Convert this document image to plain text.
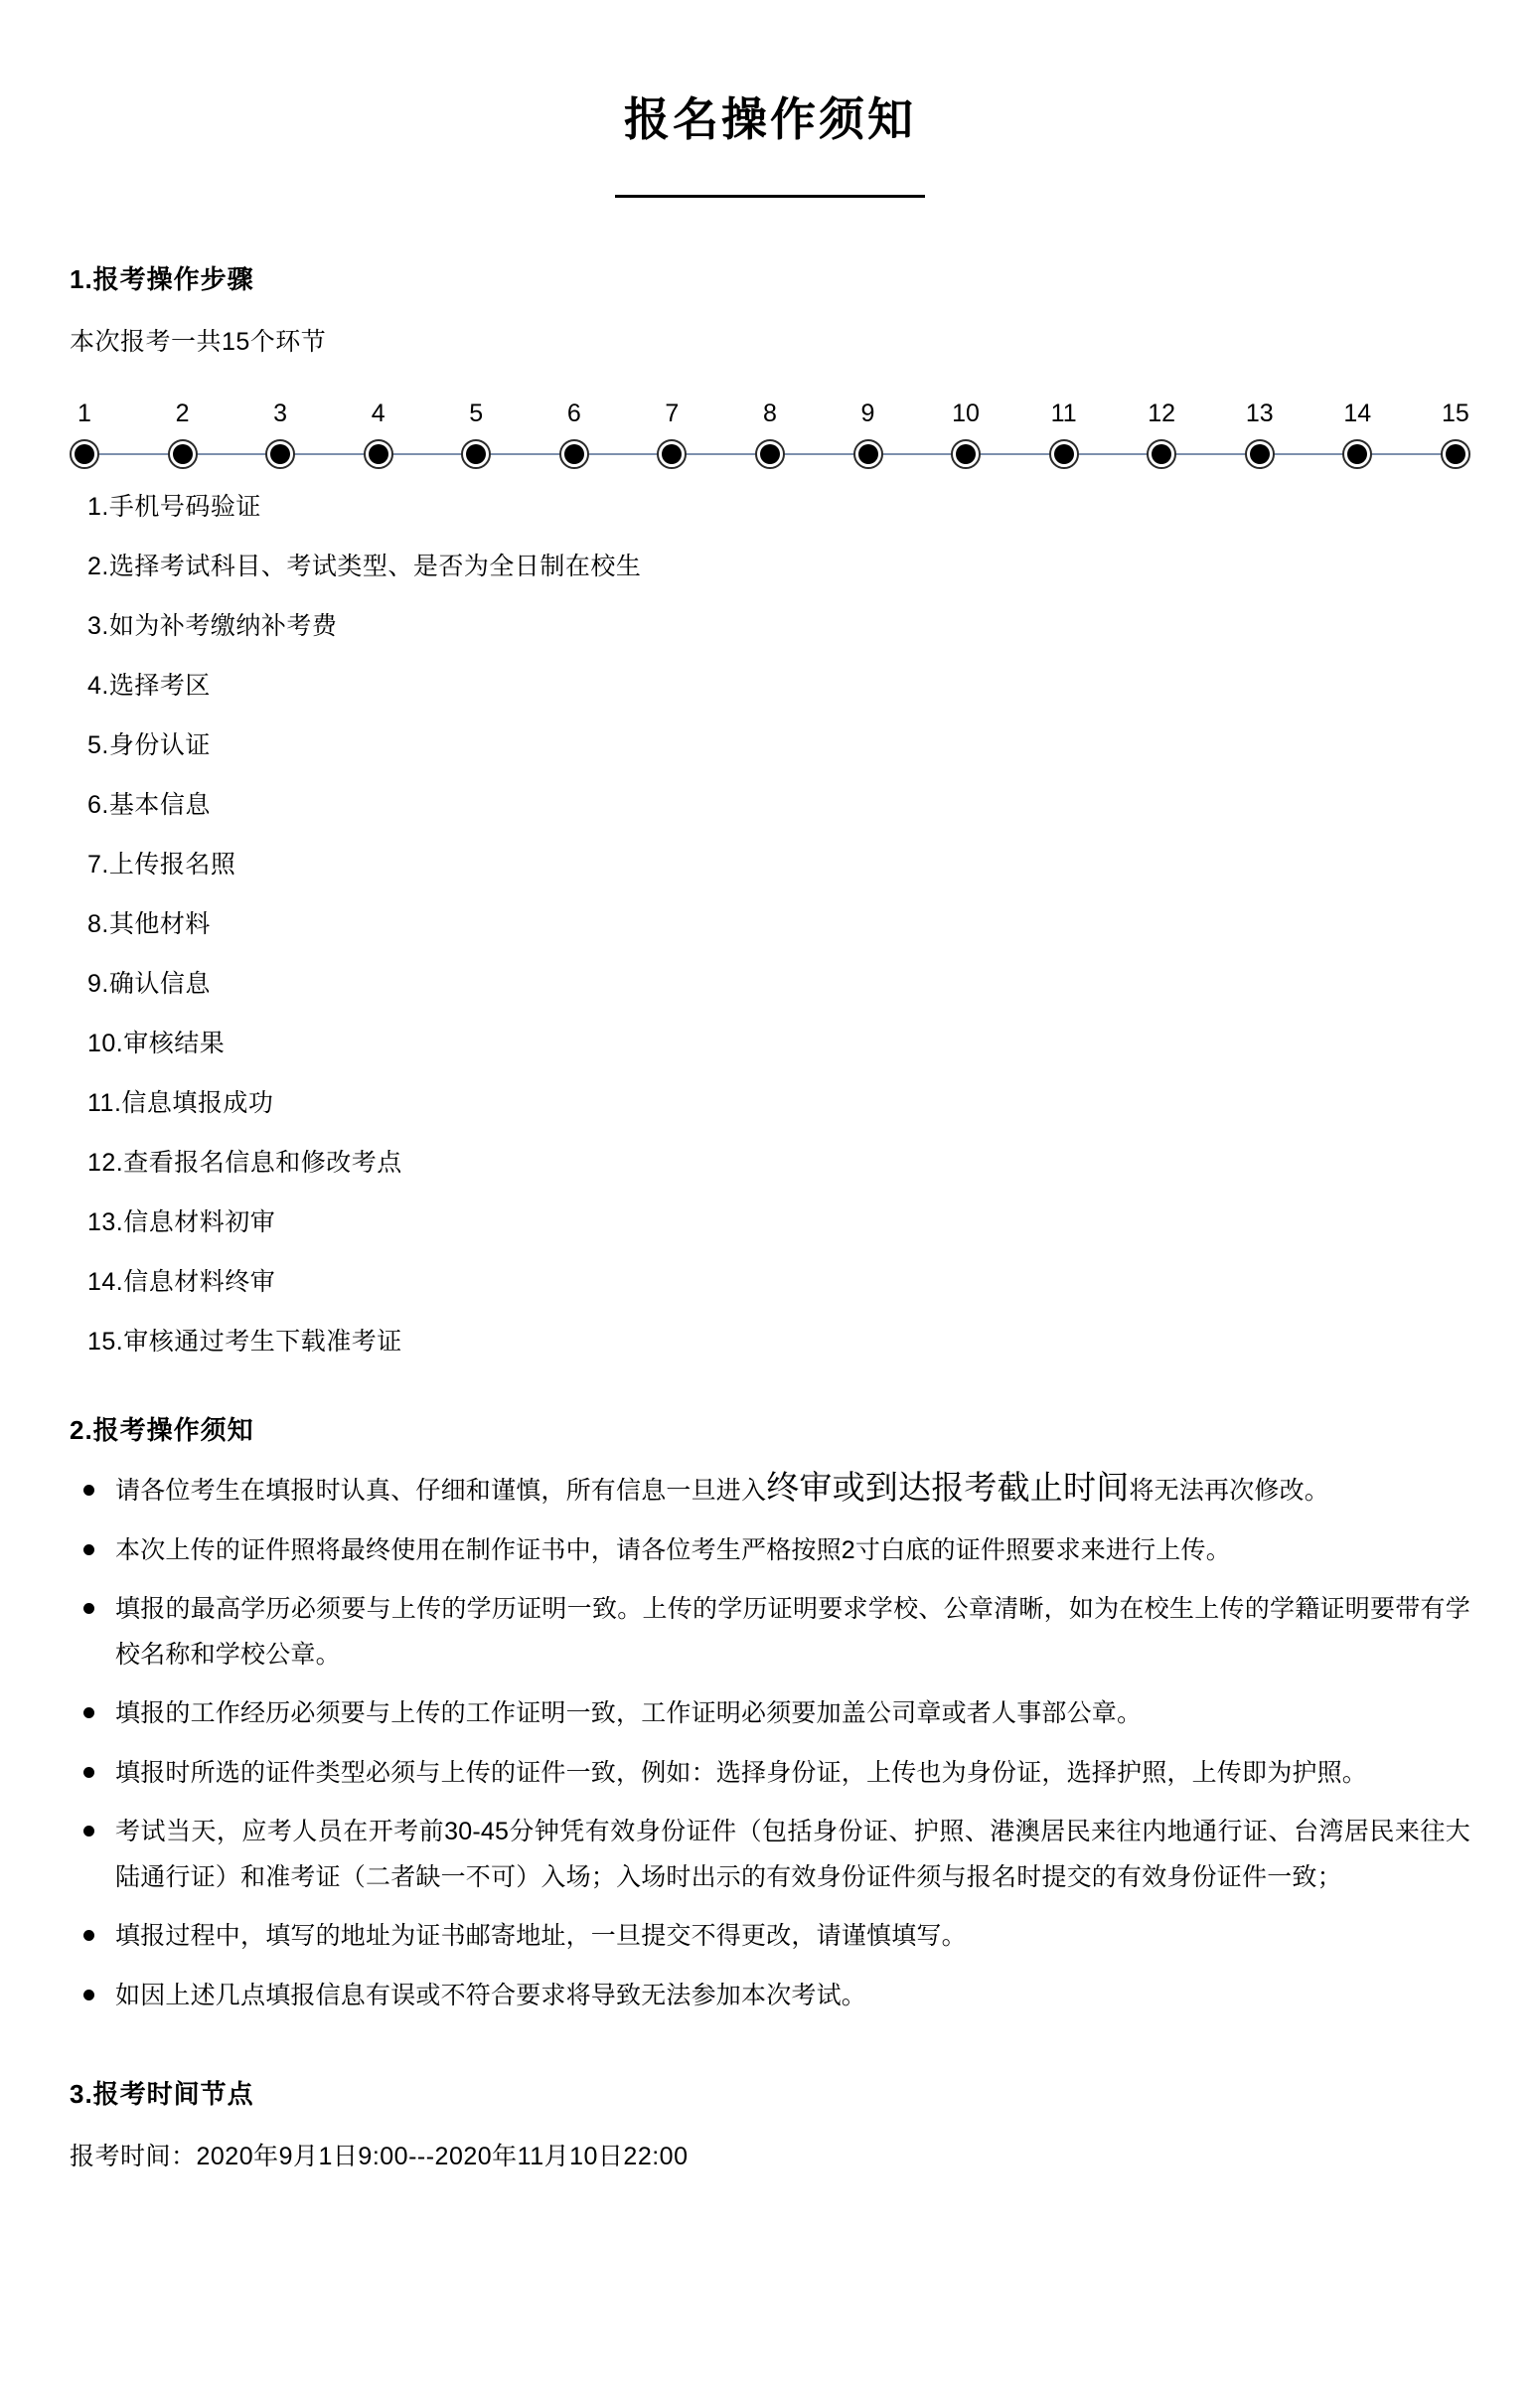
报名操作须知
1.报考操作步骤
本次报考一共15个环节
1	2	3	4	5	6	7	8	9	10	11	12	13	14	15
1.手机号码验证
2.选择考试科目、考试类型、是否为全日制在校生
3.如为补考缴纳补考费
4.选择考区
5.身份认证
6.基本信息
7.上传报名照
8.其他材料
9.确认信息
10.审核结果
11.信息填报成功
12.查看报名信息和修改考点
13.信息材料初审
14.信息材料终审
15.审核通过考生下载准考证
2.报考操作须知
请各位考生在填报时认真、仔细和谨慎，所有信息一旦进入终审或到达报考截止时间将无法再次修改。
本次上传的证件照将最终使用在制作证书中，请各位考生严格按照2寸白底的证件照要求来进行上传。
填报的最高学历必须要与上传的学历证明一致。上传的学历证明要求学校、公章清晰，如为在校生上传的学籍证明要带有学校名称和学校公章。
填报的工作经历必须要与上传的工作证明一致，工作证明必须要加盖公司章或者人事部公章。
填报时所选的证件类型必须与上传的证件一致，例如：选择身份证，上传也为身份证，选择护照，上传即为护照。
考试当天，应考人员在开考前30-45分钟凭有效身份证件（包括身份证、护照、港澳居民来往内地通行证、台湾居民来往大陆通行证）和准考证（二者缺一不可）入场；入场时出示的有效身份证件须与报名时提交的有效身份证件一致；
填报过程中，填写的地址为证书邮寄地址，一旦提交不得更改，请谨慎填写。
如因上述几点填报信息有误或不符合要求将导致无法参加本次考试。
3.报考时间节点
报考时间：2020年9月1日9:00---2020年11月10日22:00
